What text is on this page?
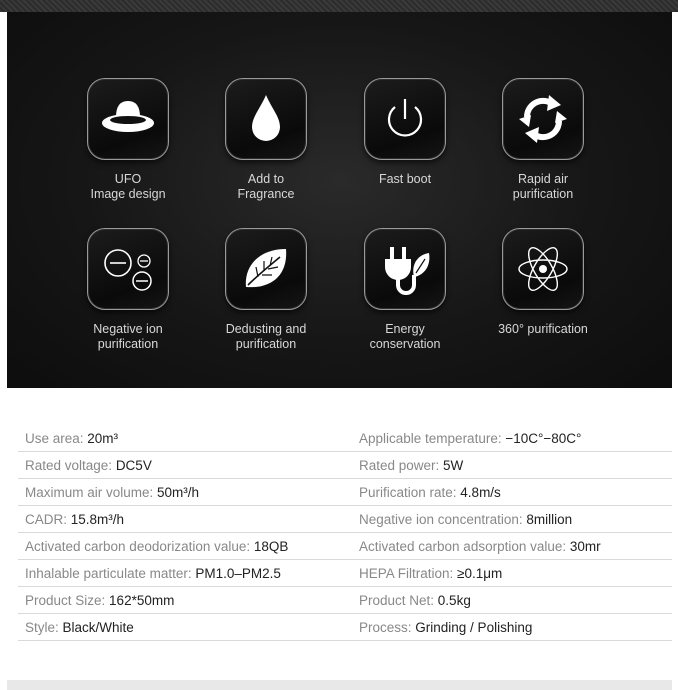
UFO
Image design
Add to
Fragrance
Fast boot	Rapid air
purification
Negative ion
purification
Dedusting and
purification
Energy
conservation
360° purification
Use area: 20m³	Applicable temperature: −10C°−80C°
Rated voltage: DC5V	Rated power: 5W
Maximum air volume: 50m³/h	Purification rate: 4.8m/s
CADR: 15.8m³/h	Negative ion concentration: 8million
Activated carbon deodorization value: 18QB	Activated carbon adsorption value: 30mr
Inhalable particulate matter: PM1.0–PM2.5	HEPA Filtration: ≥0.1μm
Product Size: 162*50mm	Product Net: 0.5kg
Style: Black/White	Process: Grinding / Polishing
